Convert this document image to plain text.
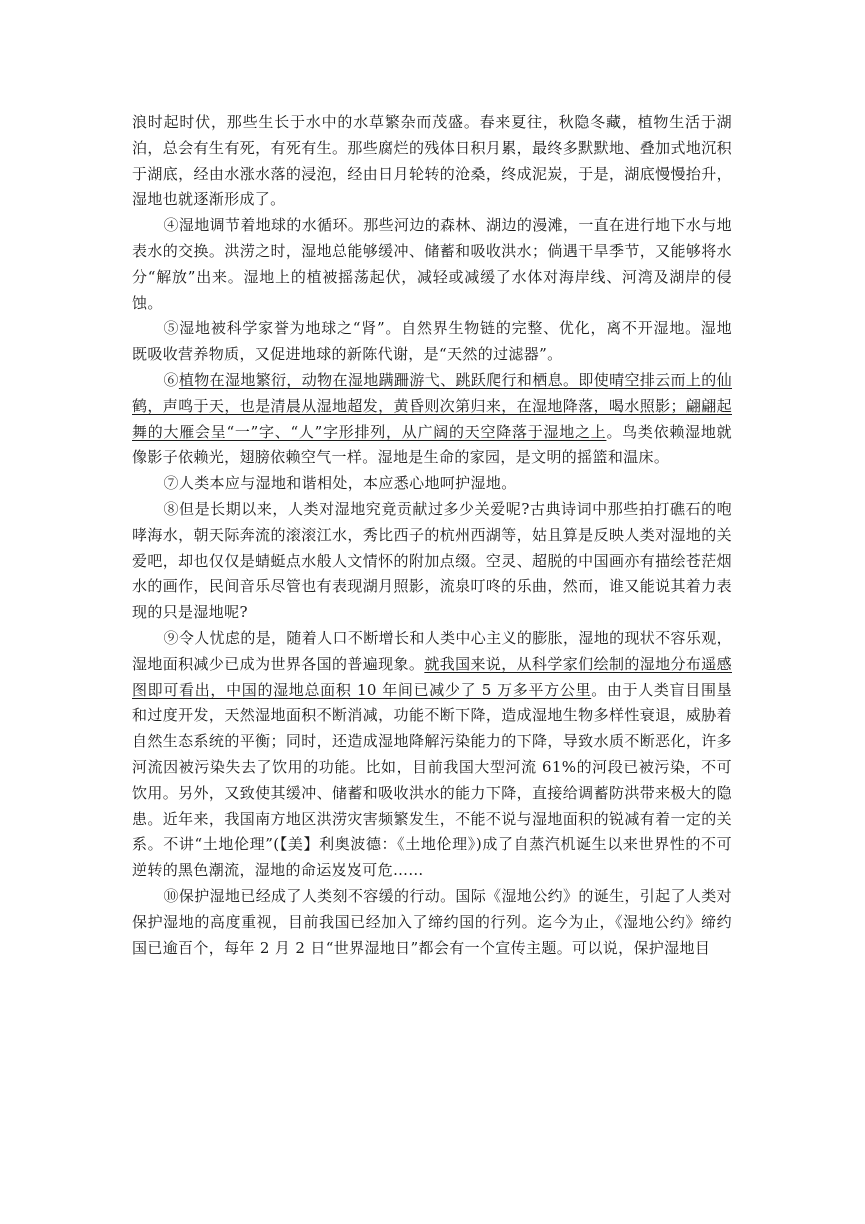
浪时起时伏，那些生长于水中的水草繁杂而茂盛。春来夏往，秋隐冬藏，植物生活于湖泊，总会有生有死，有死有生。那些腐烂的残体日积月累，最终多默默地、叠加式地沉积于湖底，经由水涨水落的浸泡，经由日月轮转的沧桑，终成泥炭，于是，湖底慢慢抬升，湿地也就逐渐形成了。

④湿地调节着地球的水循环。那些河边的森林、湖边的漫滩，一直在进行地下水与地表水的交换。洪涝之时，湿地总能够缓冲、储蓄和吸收洪水；倘遇干旱季节，又能够将水分“解放”出来。湿地上的植被摇荡起伏，减轻或减缓了水体对海岸线、河湾及湖岸的侵蚀。

⑤湿地被科学家誉为地球之“肾”。自然界生物链的完整、优化，离不开湿地。湿地既吸收营养物质，又促进地球的新陈代谢，是“天然的过滤器”。

⑥植物在湿地繁衍，动物在湿地蹒跚游弋、跳跃爬行和栖息。即使晴空排云而上的仙鹤，声鸣于天，也是清晨从湿地超发，黄昏则次第归来，在湿地降落，喝水照影；翩翩起舞的大雁会呈“一”字、“人”字形排列，从广阔的天空降落于湿地之上。鸟类依赖湿地就像影子依赖光，翅膀依赖空气一样。湿地是生命的家园，是文明的摇篮和温床。

⑦人类本应与湿地和谐相处，本应悉心地呵护湿地。

⑧但是长期以来，人类对湿地究竟贡献过多少关爱呢?古典诗词中那些拍打礁石的咆哮海水，朝天际奔流的滚滚江水，秀比西子的杭州西湖等，姑且算是反映人类对湿地的关爱吧，却也仅仅是蜻蜓点水般人文情怀的附加点缀。空灵、超脱的中国画亦有描绘苍茫烟水的画作，民间音乐尽管也有表现湖月照影，流泉叮咚的乐曲，然而，谁又能说其着力表现的只是湿地呢?

⑨令人忧虑的是，随着人口不断增长和人类中心主义的膨胀，湿地的现状不容乐观，湿地面积减少已成为世界各国的普遍现象。就我国来说，从科学家们绘制的湿地分布遥感图即可看出，中国的湿地总面积 10 年间已减少了 5 万多平方公里。由于人类盲目围垦和过度开发，天然湿地面积不断消减，功能不断下降，造成湿地生物多样性衰退，威胁着自然生态系统的平衡；同时，还造成湿地降解污染能力的下降，导致水质不断恶化，许多河流因被污染失去了饮用的功能。比如，目前我国大型河流 61%的河段已被污染，不可饮用。另外，又致使其缓冲、储蓄和吸收洪水的能力下降，直接给调蓄防洪带来极大的隐患。近年来，我国南方地区洪涝灾害频繁发生，不能不说与湿地面积的锐减有着一定的关系。不讲“土地伦理”(【美】利奥波德：《土地伦理》)成了自蒸汽机诞生以来世界性的不可逆转的黑色潮流，湿地的命运岌岌可危……

⑩保护湿地已经成了人类刻不容缓的行动。国际《湿地公约》的诞生，引起了人类对保护湿地的高度重视，目前我国已经加入了缔约国的行列。迄今为止，《湿地公约》缔约国已逾百个，每年 2 月 2 日“世界湿地日”都会有一个宣传主题。可以说，保护湿地目
